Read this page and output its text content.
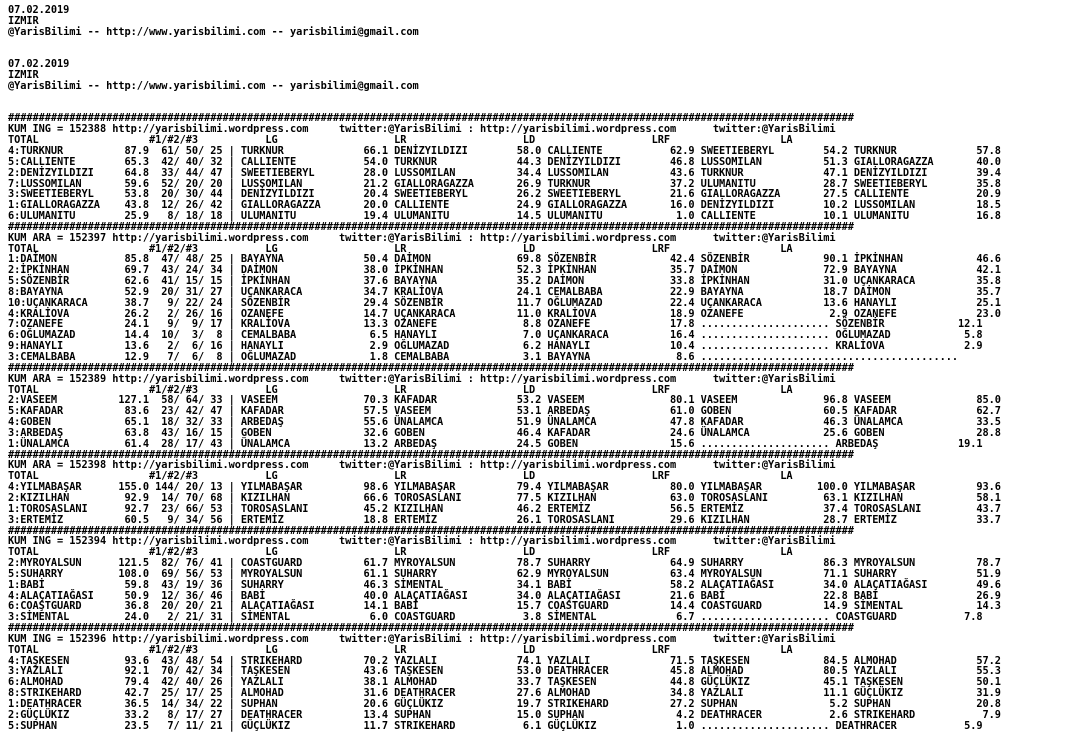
07.02.2019
IZMIR
@YarisBilimi -- http://www.yarisbilimi.com -- yarisbilimi@gmail.com

07.02.2019
IZMIR
@YarisBilimi -- http://www.yarisbilimi.com -- yarisbilimi@gmail.com

##########################################################################################################################################
KUM ING = 152388 http://yarisbilimi.wordpress.com     twitter:@YarisBilimi : http://yarisbilimi.wordpress.com      twitter:@YarisBilimi
TOTAL                  #1/#2/#3           LG                   LR                   LD                   LRF                  LA
4:TURKNUR          87.9  61/ 50/ 25 | TURKNUR             66.1 DENİZYILDIZI        58.0 CALLIENTE           62.9 SWEETIEBERYL        54.2 TURKNUR             57.8
5:CALLIENTE        65.3  42/ 40/ 32 | CALLIENTE           54.0 TURKNUR             44.3 DENİZYILDIZI        46.8 LUSSOMILAN          51.3 GIALLORAGAZZA       40.0
2:DENİZYILDIZI     64.8  33/ 44/ 47 | SWEETIEBERYL        28.0 LUSSOMILAN          34.4 LUSSOMILAN          43.6 TURKNUR             47.1 DENİZYILDIZI        39.4
7:LUSSOMILAN       59.6  52/ 20/ 20 | LUSSOMILAN          21.2 GIALLORAGAZZA       26.9 TURKNUR             37.2 ULUMANITU           28.7 SWEETIEBERYL        35.8
3:SWEETIEBERYL     53.8  20/ 30/ 44 | DENİZYILDIZI        20.4 SWEETIEBERYL        26.2 SWEETIEBERYL        21.6 GIALLORAGAZZA       27.5 CALLIENTE           20.9
1:GIALLORAGAZZA    43.8  12/ 26/ 42 | GIALLORAGAZZA       20.0 CALLIENTE           24.9 GIALLORAGAZZA       16.0 DENİZYILDIZI        10.2 LUSSOMILAN          18.5
6:ULUMANITU        25.9   8/ 18/ 18 | ULUMANITU           19.4 ULUMANITU           14.5 ULUMANITU            1.0 CALLIENTE           10.1 ULUMANITU           16.8
##########################################################################################################################################
KUM ARA = 152397 http://yarisbilimi.wordpress.com     twitter:@YarisBilimi : http://yarisbilimi.wordpress.com      twitter:@YarisBilimi
TOTAL                  #1/#2/#3           LG                   LR                   LD                   LRF                  LA
1:DAİMON           85.8  47/ 48/ 25 | BAYAYNA             50.4 DAİMON              69.8 SÖZENBİR            42.4 SÖZENBİR            90.1 İPKİNHAN            46.6
2:İPKİNHAN         69.7  43/ 24/ 34 | DAİMON              38.0 İPKİNHAN            52.3 İPKİNHAN            35.7 DAİMON              72.9 BAYAYNA             42.1
5:SÖZENBİR         62.6  41/ 15/ 15 | İPKİNHAN            37.6 BAYAYNA             35.2 DAİMON              33.8 İPKİNHAN            31.0 UÇANKARACA          35.8
8:BAYAYNA          52.9  20/ 31/ 27 | UÇANKARACA          34.7 KRALİOVA            24.1 CEMALBABA           22.9 BAYAYNA             18.7 DAİMON              35.7
10:UÇANKARACA      38.7   9/ 22/ 24 | SÖZENBİR            29.4 SÖZENBİR            11.7 OĞLUMAZAD           22.4 UÇANKARACA          13.6 HANAYLI             25.1
4:KRALİOVA         26.2   2/ 26/ 16 | OZANEFE             14.7 UÇANKARACA          11.0 KRALİOVA            18.9 OZANEFE              2.9 OZANEFE             23.0
7:OZANEFE          24.1   9/  9/ 17 | KRALİOVA            13.3 OZANEFE              8.8 OZANEFE             17.8 ..................... SÖZENBİR            12.1
6:OĞLUMAZAD        14.4  10/  3/  8 | CEMALBABA            6.5 HANAYLI              7.0 UÇANKARACA          16.4 ..................... OĞLUMAZAD            5.8
9:HANAYLI          13.6   2/  6/ 16 | HANAYLI              2.9 OĞLUMAZAD            6.2 HANAYLI             10.4 ..................... KRALİOVA             2.9
3:CEMALBABA        12.9   7/  6/  8 | OĞLUMAZAD            1.8 CEMALBABA            3.1 BAYAYNA              8.6 ..........................................
##########################################################################################################################################
KUM ARA = 152389 http://yarisbilimi.wordpress.com     twitter:@YarisBilimi : http://yarisbilimi.wordpress.com      twitter:@YarisBilimi
TOTAL                  #1/#2/#3           LG                   LR                   LD                   LRF                  LA
2:VASEEM          127.1  58/ 64/ 33 | VASEEM              70.3 KAFADAR             53.2 VASEEM              80.1 VASEEM              96.8 VASEEM              85.0
5:KAFADAR          83.6  23/ 42/ 47 | KAFADAR             57.5 VASEEM              53.1 ARBEDAŞ             61.0 GOBEN               60.5 KAFADAR             62.7
4:GOBEN            65.1  18/ 32/ 33 | ARBEDAŞ             55.6 ÜNALAMCA            51.9 ÜNALAMCA            47.8 KAFADAR             46.3 ÜNALAMCA            33.5
3:ARBEDAŞ          63.8  43/ 16/ 15 | GOBEN               32.6 GOBEN               46.4 KAFADAR             24.6 ÜNALAMCA            25.6 GOBEN               28.8
1:ÜNALAMCA         61.4  28/ 17/ 43 | ÜNALAMCA            13.2 ARBEDAŞ             24.5 GOBEN               15.6 ..................... ARBEDAŞ             19.1
##########################################################################################################################################
KUM ARA = 152398 http://yarisbilimi.wordpress.com     twitter:@YarisBilimi : http://yarisbilimi.wordpress.com      twitter:@YarisBilimi
TOTAL                  #1/#2/#3           LG                   LR                   LD                   LRF                  LA
4:YILMABAŞAR      155.0 144/ 20/ 13 | YILMABAŞAR          98.6 YILMABAŞAR          79.4 YILMABAŞAR          80.0 YILMABAŞAR         100.0 YILMABAŞAR          93.6
2:KIZILHAN         92.9  14/ 70/ 68 | KIZILHAN            66.6 TOROSASLANI         77.5 KIZILHAN            63.0 TOROSASLANI         63.1 KIZILHAN            58.1
1:TOROSASLANI      92.7  23/ 66/ 53 | TOROSASLANI         45.2 KIZILHAN            46.2 ERTEMİZ             56.5 ERTEMİZ             37.4 TOROSASLANI         43.7
3:ERTEMİZ          60.5   9/ 34/ 56 | ERTEMİZ             18.8 ERTEMİZ             26.1 TOROSASLANI         29.6 KIZILHAN            28.7 ERTEMİZ             33.7
##########################################################################################################################################
KUM ING = 152394 http://yarisbilimi.wordpress.com     twitter:@YarisBilimi : http://yarisbilimi.wordpress.com      twitter:@YarisBilimi
TOTAL                  #1/#2/#3           LG                   LR                   LD                   LRF                  LA
2:MYROYALSUN      121.5  82/ 76/ 41 | COASTGUARD          61.7 MYROYALSUN          78.7 SUHARRY             64.9 SUHARRY             86.3 MYROYALSUN          78.7
5:SUHARRY         108.0  69/ 56/ 53 | MYROYALSUN          61.1 SUHARRY             62.9 MYROYALSUN          63.4 MYROYALSUN          71.1 SUHARRY             51.9
1:BABİ             59.8  43/ 19/ 36 | SUHARRY             46.3 SİMENTAL            34.1 BABİ                58.2 ALAÇATIAĞASI        34.0 ALAÇATIAĞASI        49.6
4:ALAÇATIAĞASI     50.9  12/ 36/ 46 | BABİ                40.0 ALAÇATIAĞASI        34.0 ALAÇATIAĞASI        21.6 BABİ                22.8 BABİ                26.9
6:COAŞTGUARD       36.8  20/ 20/ 21 | ALAÇATIAĞASI        14.1 BABİ                15.7 COASTGUARD          14.4 COASTGUARD          14.9 SİMENTAL            14.3
3:SİMENTAL         24.0   2/ 21/ 31 | SİMENTAL             6.0 COASTGUARD           3.8 SİMENTAL             6.7 ..................... COASTGUARD           7.8
##########################################################################################################################################
KUM ING = 152396 http://yarisbilimi.wordpress.com     twitter:@YarisBilimi : http://yarisbilimi.wordpress.com      twitter:@YarisBilimi
TOTAL                  #1/#2/#3           LG                   LR                   LD                   LRF                  LA
4:TAŞKESEN         93.6  43/ 48/ 54 | STRIKEHARD          70.2 YAZLALI             74.1 YAZLALI             71.5 TAŞKESEN            84.5 ALMOHAD             57.2
3:YAZLALI          92.1  70/ 42/ 34 | TAŞKESEN            43.6 TAŞKESEN            53.0 DEATHRACER          45.8 ALMOHAD             80.5 YAZLALI             55.3
6:ALMOHAD          79.4  42/ 40/ 26 | YAZLALI             38.1 ALMOHAD             33.7 TAŞKESEN            44.8 GÜÇLÜKIZ            45.1 TAŞKESEN            50.1
8:STRIKEHARD       42.7  25/ 17/ 25 | ALMOHAD             31.6 DEATHRACER          27.6 ALMOHAD             34.8 YAZLALI             11.1 GÜÇLÜKIZ            31.9
1:DEATHRACER       36.5  14/ 34/ 22 | SUPHAN              20.6 GÜÇLÜKIZ            19.7 STRIKEHARD          27.2 SUPHAN               5.2 SUPHAN              20.8
2:GÜÇLÜKIZ         33.2   8/ 17/ 27 | DEATHRACER          13.4 SUPHAN              15.0 SUPHAN               4.2 DEATHRACER           2.6 STRIKEHARD           7.9
5:SUPHAN           23.5   7/ 11/ 21 | GÜÇLÜKIZ            11.7 STRIKEHARD           6.1 GÜÇLÜKIZ             1.0 ..................... DEATHRACER           5.9
